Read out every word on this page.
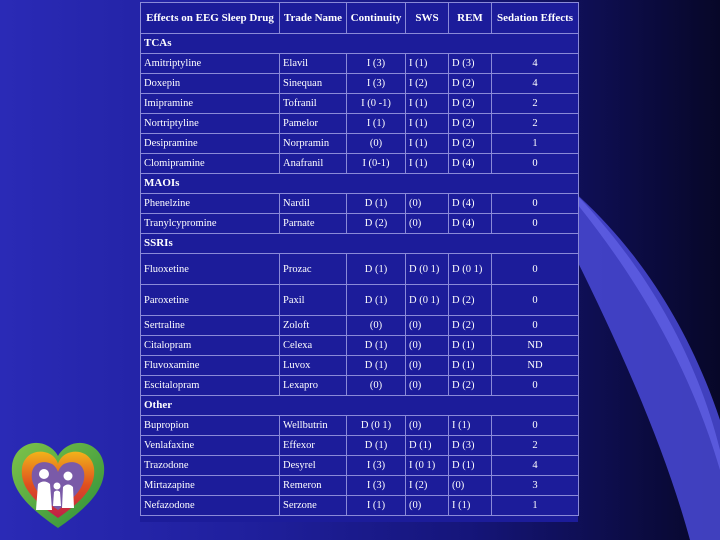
Effects on EEG Sleep Drug	Trade Name	Continuity	SWS	REM	Sedation Effects
TCAs					
Amitriptyline	Elavil	I (3)	I (1)	D (3)	4
Doxepin	Sinequan	I (3)	I (2)	D (2)	4
Imipramine	Tofranil	I (0 -1)	I (1)	D (2)	2
Nortriptyline	Pamelor	I (1)	I (1)	D (2)	2
Desipramine	Norpramin	(0)	I (1)	D (2)	1
Clomipramine	Anafranil	I (0-1)	I (1)	D (4)	0
MAOIs					
Phenelzine	Nardil	D (1)	(0)	D (4)	0
Tranylcypromine	Parnate	D (2)	(0)	D (4)	0
SSRIs					
Fluoxetine	Prozac	D (1)	D (0 1)	D (0 1)	0
Paroxetine	Paxil	D (1)	D (0 1)	D (2)	0
Sertraline	Zoloft	(0)	(0)	D (2)	0
Citalopram	Celexa	D (1)	(0)	D (1)	ND
Fluvoxamine	Luvox	D (1)	(0)	D (1)	ND
Escitalopram	Lexapro	(0)	(0)	D (2)	0
Other					
Bupropion	Wellbutrin	D (0 1)	(0)	I (1)	0
Venlafaxine	Effexor	D (1)	D (1)	D (3)	2
Trazodone	Desyrel	I (3)	I (0 1)	D (1)	4
Mirtazapine	Remeron	I (3)	I (2)	(0)	3
Nefazodone	Serzone	I (1)	(0)	I (1)	1
